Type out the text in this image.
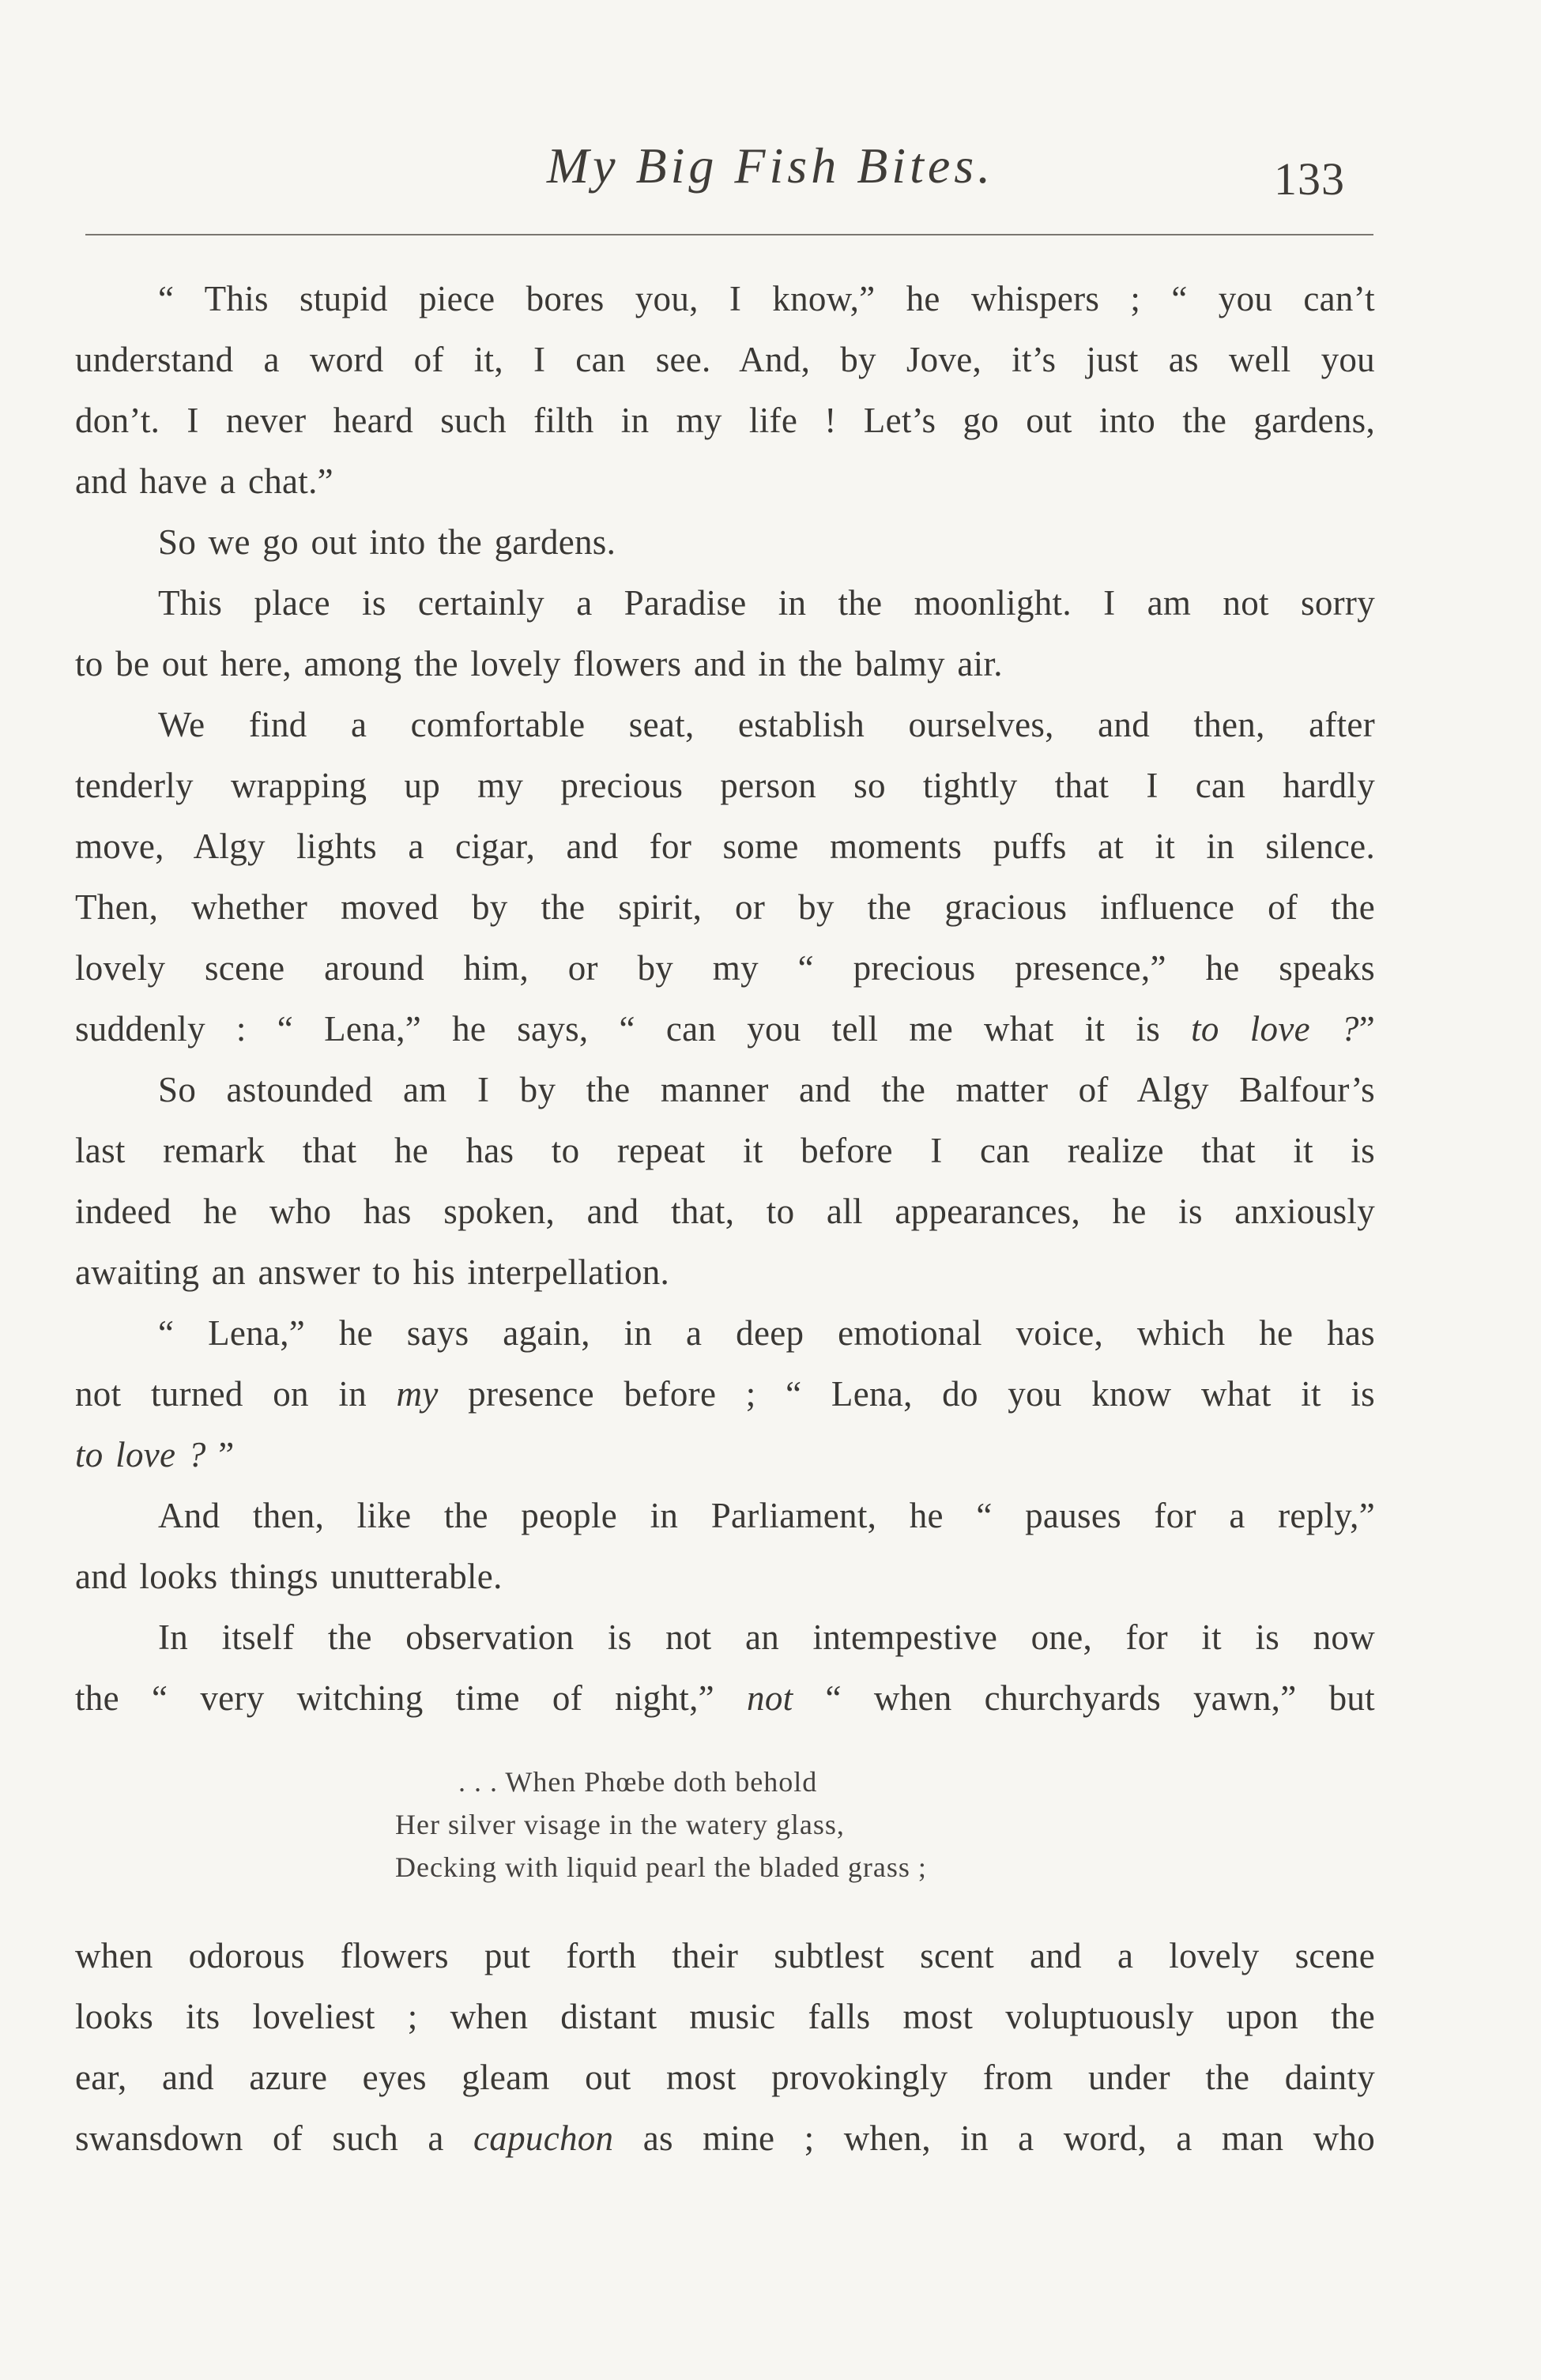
My Big Fish Bites.	133
“ This stupid piece bores you, I know,” he whispers ; “ you can’t
understand a word of it, I can see. And, by Jove, it’s just as well you
don’t. I never heard such filth in my life ! Let’s go out into the gardens,
and have a chat.”
So we go out into the gardens.
This place is certainly a Paradise in the moonlight. I am not sorry
to be out here, among the lovely flowers and in the balmy air.
We find a comfortable seat, establish ourselves, and then, after
tenderly wrapping up my precious person so tightly that I can hardly
move, Algy lights a cigar, and for some moments puffs at it in silence.
Then, whether moved by the spirit, or by the gracious influence of the
lovely scene around him, or by my “ precious presence,” he speaks
suddenly : “ Lena,” he says, “ can you tell me what it is to love ?”
So astounded am I by the manner and the matter of Algy Balfour’s
last remark that he has to repeat it before I can realize that it is
indeed he who has spoken, and that, to all appearances, he is anxiously
awaiting an answer to his interpellation.
“ Lena,” he says again, in a deep emotional voice, which he has
not turned on in my presence before ; “ Lena, do you know what it is
to love ? ”
And then, like the people in Parliament, he “ pauses for a reply,”
and looks things unutterable.
In itself the observation is not an intempestive one, for it is now
the “ very witching time of night,” not “ when churchyards yawn,” but
. . . When Phœbe doth behold
Her silver visage in the watery glass,
Decking with liquid pearl the bladed grass ;
when odorous flowers put forth their subtlest scent and a lovely scene
looks its loveliest ; when distant music falls most voluptuously upon the
ear, and azure eyes gleam out most provokingly from under the dainty
swansdown of such a capuchon as mine ; when, in a word, a man who
